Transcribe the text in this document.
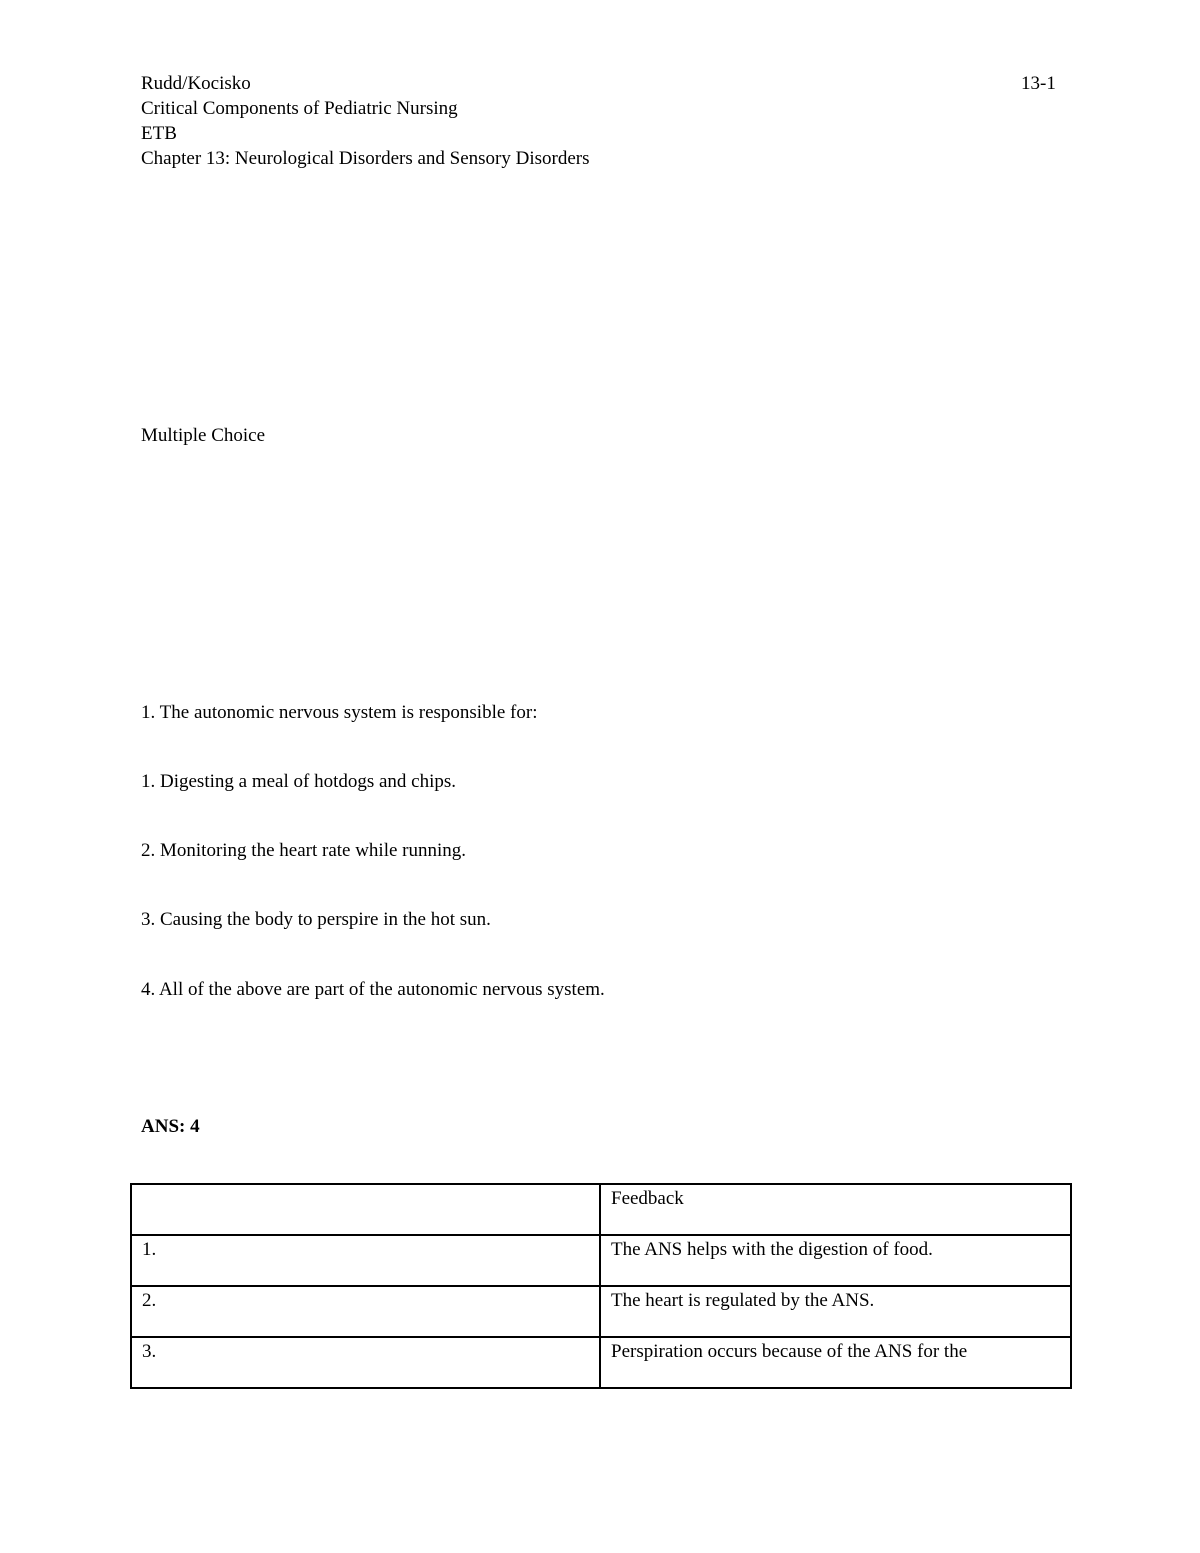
Rudd/Kocisko	13-1
Critical Components of Pediatric Nursing
ETB
Chapter 13: Neurological Disorders and Sensory Disorders
Multiple Choice
1. The autonomic nervous system is responsible for:
1. Digesting a meal of hotdogs and chips.
2. Monitoring the heart rate while running.
3. Causing the body to perspire in the hot sun.
4. All of the above are part of the autonomic nervous system.
ANS: 4
	Feedback
1.	The ANS helps with the digestion of food.
2.	The heart is regulated by the ANS.
3.	Perspiration occurs because of the ANS for the
